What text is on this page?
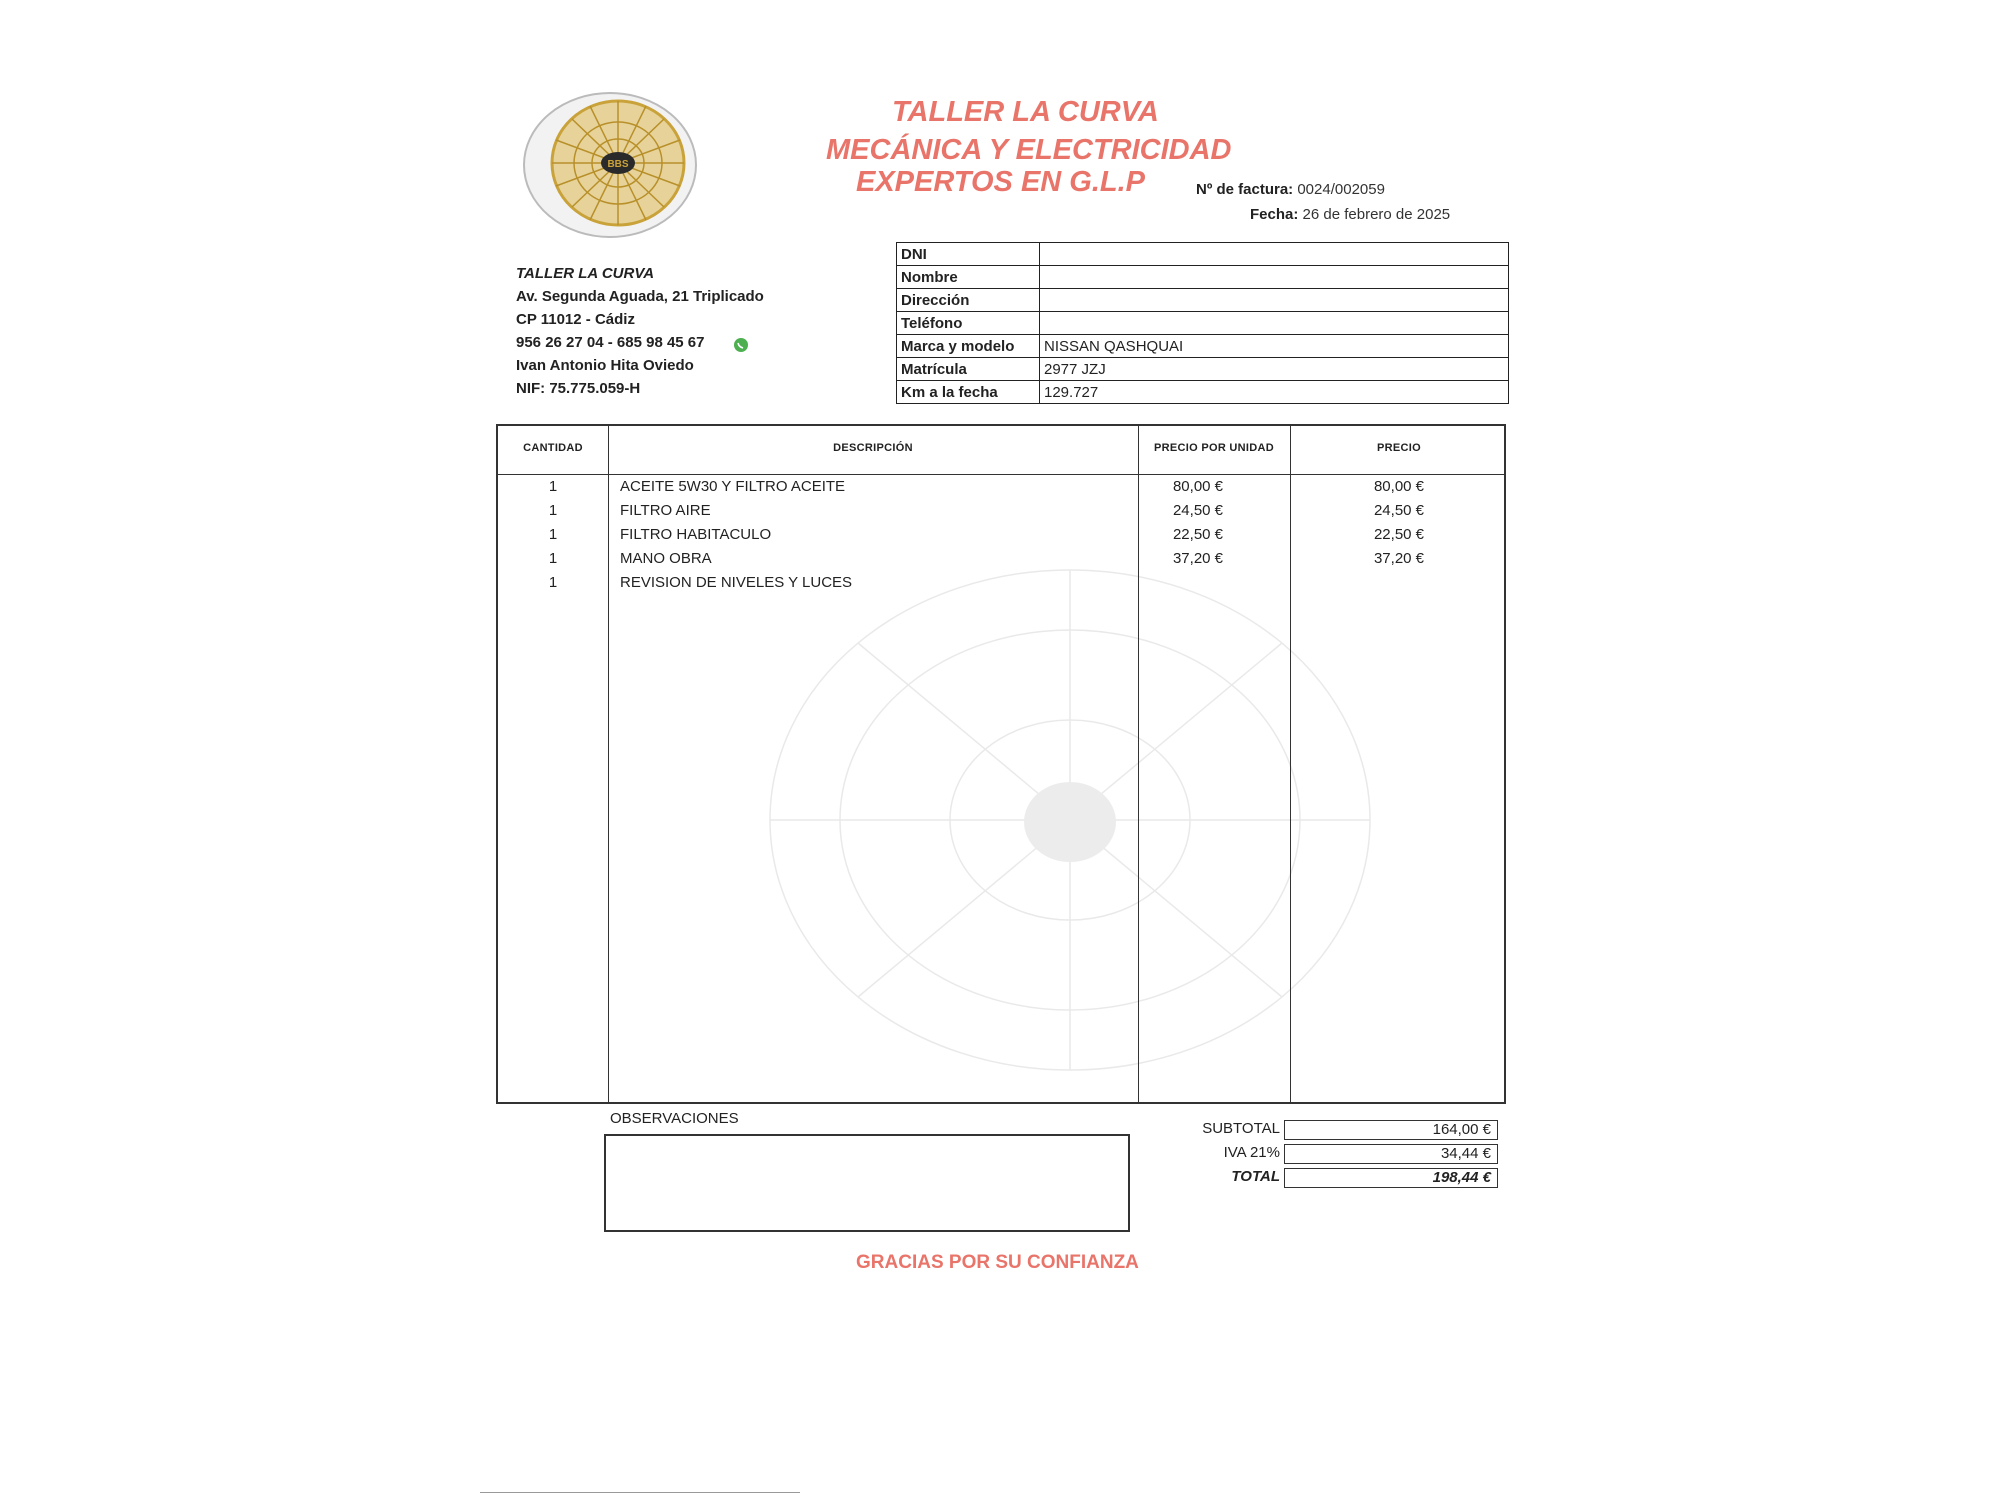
BBS
TALLER LA CURVA
MECÁNICA Y ELECTRICIDAD
EXPERTOS EN G.L.P	Nº de factura: 0024/002059
Fecha: 26 de febrero de 2025
TALLER LA CURVA
Av. Segunda Aguada, 21 Triplicado
CP 11012 - Cádiz
956 26 27 04 - 685 98 45 67
Ivan Antonio Hita Oviedo
NIF: 75.775.059-H
DNI	
Nombre	
Dirección	
Teléfono	
Marca y modelo	NISSAN QASHQUAI
Matrícula	2977 JZJ
Km a la fecha	129.727
CANTIDAD	DESCRIPCIÓN	PRECIO POR UNIDAD	PRECIO
1	ACEITE 5W30 Y FILTRO ACEITE	80,00 €	80,00 €
1	FILTRO AIRE	24,50 €	24,50 €
1	FILTRO HABITACULO	22,50 €	22,50 €
1	MANO OBRA	37,20 €	37,20 €
1	REVISION DE NIVELES Y LUCES
OBSERVACIONES
SUBTOTAL	164,00 €
IVA 21%	34,44 €
TOTAL	198,44 €
GRACIAS POR SU CONFIANZA
